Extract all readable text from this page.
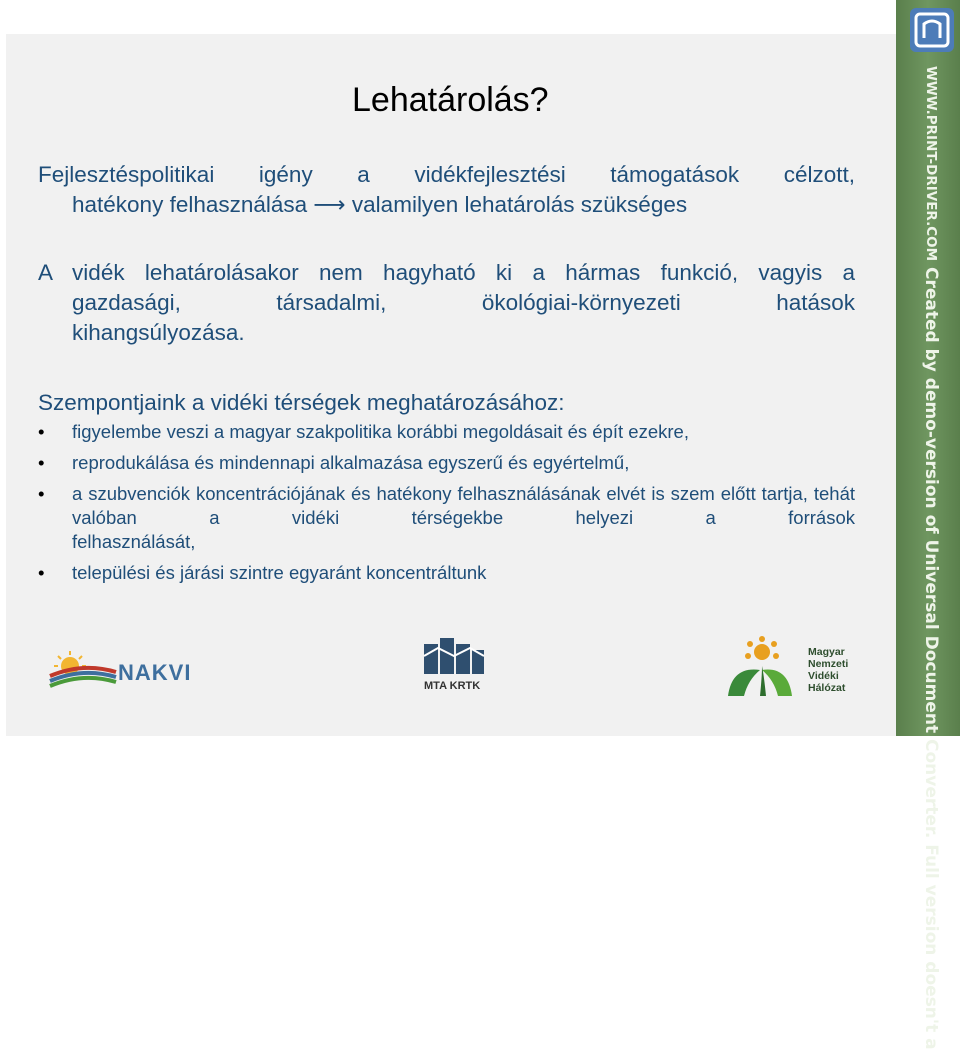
Lehatárolás?

Fejlesztéspolitikai igény a vidékfejlesztési támogatások célzott,
hatékony felhasználása ⟶ valamilyen lehatárolás szükséges

A vidék lehatárolásakor nem hagyható ki a hármas funkció, vagyis a
gazdasági, társadalmi, ökológiai-környezeti hatások
kihangsúlyozása.

Szempontjaink a vidéki térségek meghatározásához:

• figyelembe veszi a magyar szakpolitika korábbi megoldásait és épít ezekre,
• reprodukálása és mindennapi alkalmazása egyszerű és egyértelmű,
• a szubvenciók koncentrációjának és hatékony felhasználásának elvét is szem előtt tartja, tehát valóban a vidéki térségekbe helyezi a források
felhasználását,
• települési és járási szintre egyaránt koncentráltunk
NAKVI
MTA KRTK
Magyar
Nemzeti
Vidéki
Hálózat
WWW.PRINT-DRIVER.COM Created by demo-version of Universal Document Converter. Full version doesn't a
